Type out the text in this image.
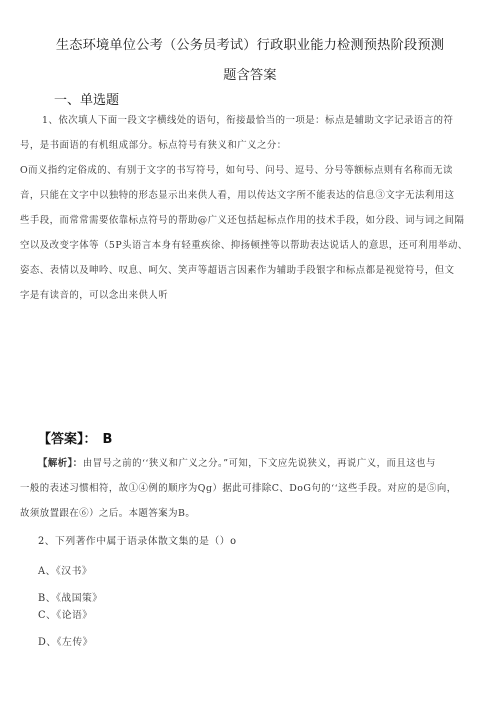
生态环境单位公考（公务员考试）行政职业能力检测预热阶段预测
题含答案
一、单选题
1、依次填人下面一段文字横线处的语句，衔接最恰当的一项是：标点是辅助文字记录语言的符
号，是书面语的有机组成部分。标点符号有狭义和广义之分：
O而义指约定俗成的、有别于文字的书写符号，如句号、问号、逗号、分号等额标点则有名称而无读
音，只能在文字中以独特的形态显示出来供人看，用以传达文字所不能表达的信息③文字无法利用这
些手段，而常常需要依靠标点符号的帮助@广义还包括起标点作用的技术手段，如分段、词与词之间隔
空以及改变字体等（5P头语言本身有轻重疾徐、抑扬顿挫等以帮助表达说话人的意思，还可利用举动、
姿态、表情以及呻吟、叹息、呵欠、笑声等超语言因素作为辅助手段银字和标点都是视觉符号，但文
字是有读音的，可以念出来供人听
【答案】： B
【解析】：由冒号之前的‘‘狭义和广义之分。”可知，下文应先说狭义，再说广义，而且这也与
一般的表述习惯相符，故①④例的顺序为Qg）据此可排除C、DoG句的‘‘这些手段。对应的是⑤向，
故须放置跟在⑥）之后。本题答案为B。
2、下列著作中属于语录体散文集的是（）o
A、《汉书》
B、《战国策》
C、《论语》
D、《左传》
